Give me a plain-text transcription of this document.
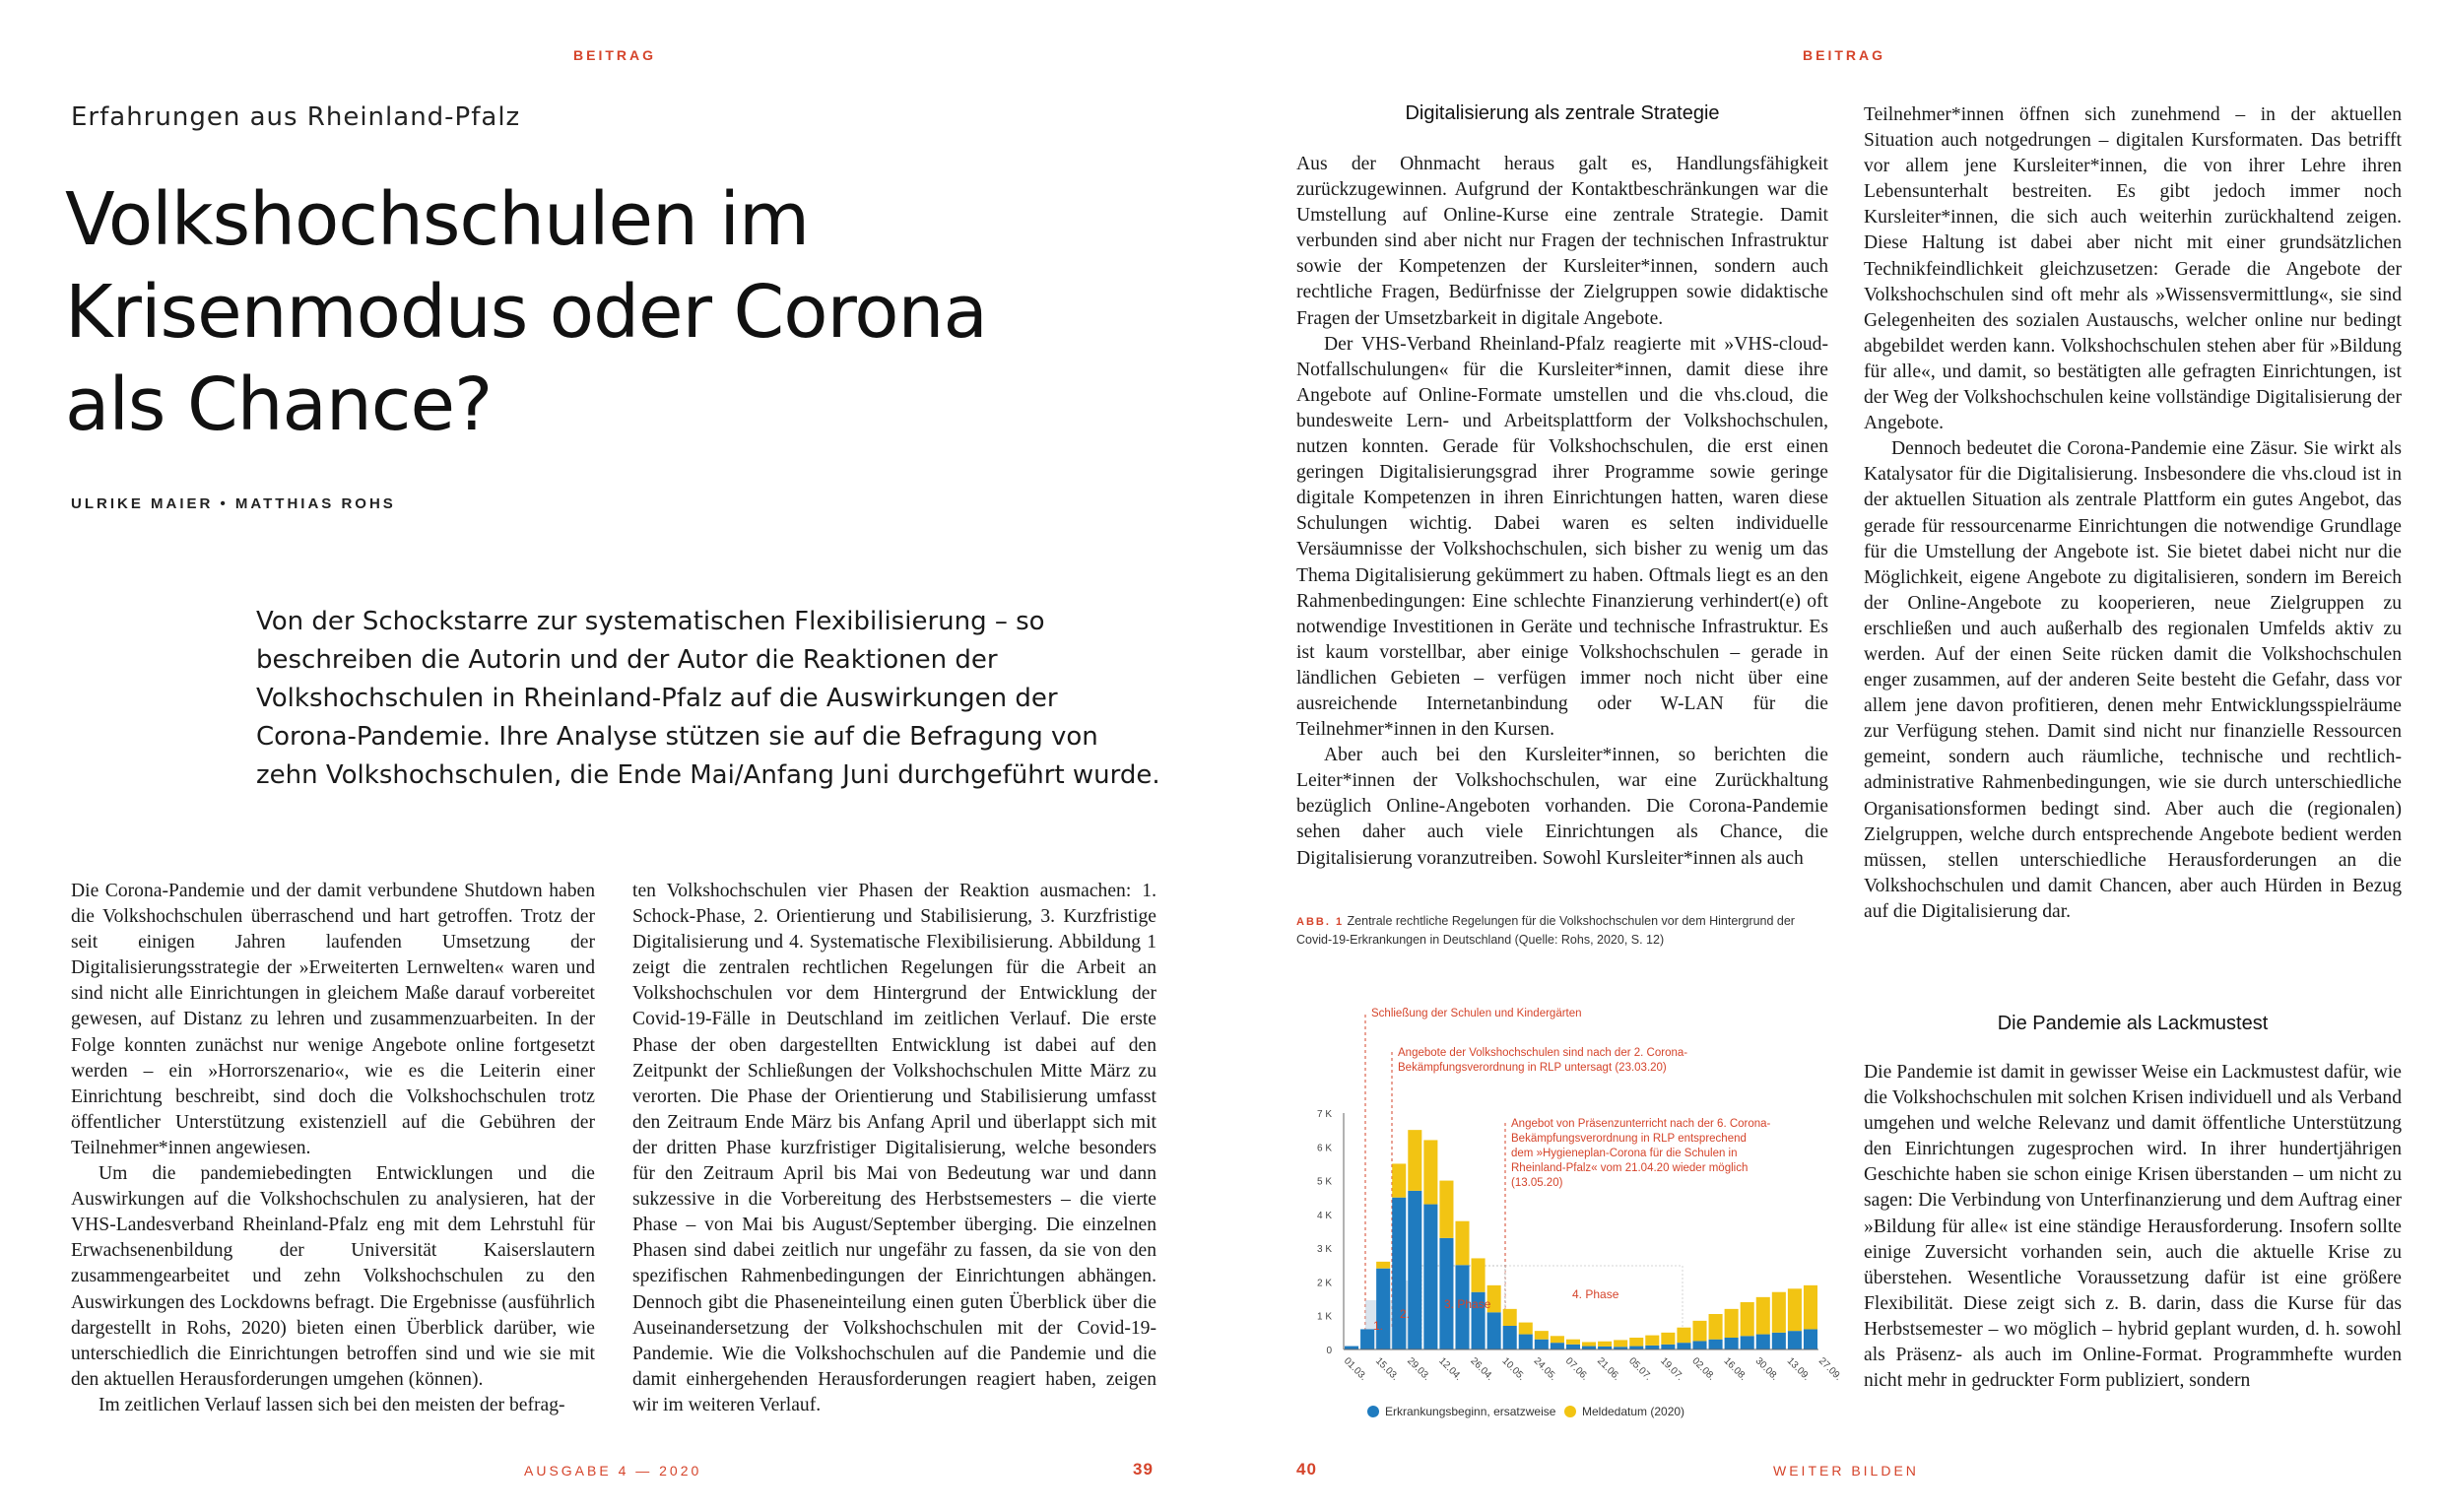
BEITRAG
Erfahrungen aus Rheinland-Pfalz
Volkshochschulen im
Krisenmodus oder Corona
als Chance?
ULRIKE MAIER • MATTHIAS ROHS
Von der Schockstarre zur systematischen Flexibilisierung – so beschreiben die Autorin und der Autor die Reaktionen der Volkshochschulen in Rheinland-Pfalz auf die Auswirkungen der Corona-Pandemie. Ihre Analyse stützen sie auf die Befragung von zehn Volkshochschulen, die Ende Mai/Anfang Juni durchgeführt wurde.

Die Corona-Pandemie und der damit verbundene Shutdown haben die Volkshochschulen überraschend und hart getroffen. Trotz der seit einigen Jahren laufenden Umsetzung der Digitalisierungsstrategie der »Erweiterten Lernwelten« waren und sind nicht alle Einrichtungen in gleichem Maße darauf vorbereitet gewesen, auf Distanz zu lehren und zusammenzuarbeiten. In der Folge konnten zunächst nur wenige Angebote online fortgesetzt werden – ein »Horrorszenario«, wie es die Leiterin einer Einrichtung beschreibt, sind doch die Volkshochschulen trotz öffentlicher Unterstützung existenziell auf die Gebühren der Teilnehmer*innen angewiesen.

Um die pandemiebedingten Entwicklungen und die Auswirkungen auf die Volkshochschulen zu analysieren, hat der VHS-Landesverband Rheinland-Pfalz eng mit dem Lehrstuhl für Erwachsenenbildung der Universität Kaiserslautern zusammengearbeitet und zehn Volkshochschulen zu den Auswirkungen des Lockdowns befragt. Die Ergebnisse (ausführlich dargestellt in Rohs, 2020) bieten einen Überblick darüber, wie unterschiedlich die Einrichtungen betroffen sind und wie sie mit den aktuellen Herausforderungen umgehen (können).

Im zeitlichen Verlauf lassen sich bei den meisten der befrag-

ten Volkshochschulen vier Phasen der Reaktion ausmachen: 1. Schock-Phase, 2. Orientierung und Stabilisierung, 3. Kurzfristige Digitalisierung und 4. Systematische Flexibilisierung. Abbildung 1 zeigt die zentralen rechtlichen Regelungen für die Arbeit an Volkshochschulen vor dem Hintergrund der Entwicklung der Covid-19-Fälle in Deutschland im zeitlichen Verlauf. Die erste Phase der oben dargestellten Entwicklung ist dabei auf den Zeitpunkt der Schließungen der Volkshochschulen Mitte März zu verorten. Die Phase der Orientierung und Stabilisierung umfasst den Zeitraum Ende März bis Anfang April und überlappt sich mit der dritten Phase kurzfristiger Digitalisierung, welche besonders für den Zeitraum April bis Mai von Bedeutung war und dann sukzessive in die Vorbereitung des Herbstsemesters – die vierte Phase – von Mai bis August/September überging. Die einzelnen Phasen sind dabei zeitlich nur ungefähr zu fassen, da sie von den spezifischen Rahmenbedingungen der Einrichtungen abhängen. Dennoch gibt die Phaseneinteilung einen guten Überblick über die Auseinandersetzung der Volkshochschulen mit der Covid-19-Pandemie. Wie die Volkshochschulen auf die Pandemie und die damit einhergehenden Herausforderungen reagiert haben, zeigen wir im weiteren Verlauf.

AUSGABE 4 — 2020	39
BEITRAG
Digitalisierung als zentrale Strategie

Aus der Ohnmacht heraus galt es, Handlungsfähigkeit zurückzugewinnen. Aufgrund der Kontaktbeschränkungen war die Umstellung auf Online-Kurse eine zentrale Strategie. Damit verbunden sind aber nicht nur Fragen der technischen Infrastruktur sowie der Kompetenzen der Kursleiter*innen, sondern auch rechtliche Fragen, Bedürfnisse der Zielgruppen sowie didaktische Fragen der Umsetzbarkeit in digitale Angebote.

Der VHS-Verband Rheinland-Pfalz reagierte mit »VHS-cloud-Notfallschulungen« für die Kursleiter*innen, damit diese ihre Angebote auf Online-Formate umstellen und die vhs.cloud, die bundesweite Lern- und Arbeitsplattform der Volkshochschulen, nutzen konnten. Gerade für Volkshochschulen, die erst einen geringen Digitalisierungsgrad ihrer Programme sowie geringe digitale Kompetenzen in ihren Einrichtungen hatten, waren diese Schulungen wichtig. Dabei waren es selten individuelle Versäumnisse der Volkshochschulen, sich bisher zu wenig um das Thema Digitalisierung gekümmert zu haben. Oftmals liegt es an den Rahmenbedingungen: Eine schlechte Finanzierung verhindert(e) oft notwendige Investitionen in Geräte und technische Infrastruktur. Es ist kaum vorstellbar, aber einige Volkshochschulen – gerade in ländlichen Gebieten – verfügen immer noch nicht über eine ausreichende Internetanbindung oder W-LAN für die Teilnehmer*innen in den Kursen.

Aber auch bei den Kursleiter*innen, so berichten die Leiter*innen der Volkshochschulen, war eine Zurückhaltung bezüglich Online-Angeboten vorhanden. Die Corona-Pandemie sehen daher auch viele Einrichtungen als Chance, die Digitalisierung voranzutreiben. Sowohl Kursleiter*innen als auch

ABB. 1 Zentrale rechtliche Regelungen für die Volkshochschulen vor dem Hintergrund der Covid-19-Erkrankungen in Deutschland (Quelle: Rohs, 2020, S. 12)
Schließung der Schulen und Kindergärten
Angebote der Volkshochschulen sind nach der 2. Corona- Bekämpfungsverordnung in RLP untersagt (23.03.20)
Angebot von Präsenzunterricht nach der 6. Corona- Bekämpfungsverordnung in RLP entsprechend dem »Hygieneplan-Corona für die Schulen in Rheinland-Pfalz« vom 21.04.20 wieder möglich (13.05.20)
0
1 K
2 K
3 K
4 K
5 K
6 K
7 K
1.
2.
3. Phase
4. Phase
01.03. 15.03. 29.03. 12.04. 26.04. 10.05. 24.05. 07.06. 21.06. 05.07. 19.07. 02.08. 16.08. 30.08. 13.09. 27.09.
Erkrankungsbeginn, ersatzweise Meldedatum (2020)

Teilnehmer*innen öffnen sich zunehmend – in der aktuellen Situation auch notgedrungen – digitalen Kursformaten. Das betrifft vor allem jene Kursleiter*innen, die von ihrer Lehre ihren Lebensunterhalt bestreiten. Es gibt jedoch immer noch Kursleiter*innen, die sich auch weiterhin zurückhaltend zeigen. Diese Haltung ist dabei aber nicht mit einer grundsätzlichen Technikfeindlichkeit gleichzusetzen: Gerade die Angebote der Volkshochschulen sind oft mehr als »Wissensvermittlung«, sie sind Gelegenheiten des sozialen Austauschs, welcher online nur bedingt abgebildet werden kann. Volkshochschulen stehen aber für »Bildung für alle«, und damit, so bestätigten alle gefragten Einrichtungen, ist der Weg der Volkshochschulen keine vollständige Digitalisierung der Angebote.

Dennoch bedeutet die Corona-Pandemie eine Zäsur. Sie wirkt als Katalysator für die Digitalisierung. Insbesondere die vhs.cloud ist in der aktuellen Situation als zentrale Plattform ein gutes Angebot, das gerade für ressourcenarme Einrichtungen die notwendige Grundlage für die Umstellung der Angebote ist. Sie bietet dabei nicht nur die Möglichkeit, eigene Angebote zu digitalisieren, sondern im Bereich der Online-Angebote zu kooperieren, neue Zielgruppen zu erschließen und auch außerhalb des regionalen Umfelds aktiv zu werden. Auf der einen Seite rücken damit die Volkshochschulen enger zusammen, auf der anderen Seite besteht die Gefahr, dass vor allem jene davon profitieren, denen mehr Entwicklungsspielräume zur Verfügung stehen. Damit sind nicht nur finanzielle Ressourcen gemeint, sondern auch räumliche, technische und rechtlich-administrative Rahmenbedingungen, wie sie durch unterschiedliche Organisationsformen bedingt sind. Aber auch die (regionalen) Zielgruppen, welche durch entsprechende Angebote bedient werden müssen, stellen unterschiedliche Herausforderungen an die Volkshochschulen und damit Chancen, aber auch Hürden in Bezug auf die Digitalisierung dar.

Die Pandemie als Lackmustest

Die Pandemie ist damit in gewisser Weise ein Lackmustest dafür, wie die Volkshochschulen mit solchen Krisen individuell und als Verband umgehen und welche Relevanz und damit öffentliche Unterstützung den Einrichtungen zugesprochen wird. In ihrer hundertjährigen Geschichte haben sie schon einige Krisen überstanden – um nicht zu sagen: Die Verbindung von Unterfinanzierung und dem Auftrag einer »Bildung für alle« ist eine ständige Herausforderung. Insofern sollte einige Zuversicht vorhanden sein, auch die aktuelle Krise zu überstehen. Wesentliche Voraussetzung dafür ist eine größere Flexibilität. Diese zeigt sich z. B. darin, dass die Kurse für das Herbstsemester – wo möglich – hybrid geplant wurden, d. h. sowohl als Präsenz- als auch im Online-Format. Programmhefte wurden nicht mehr in gedruckter Form publiziert, sondern

40	WEITER BILDEN
